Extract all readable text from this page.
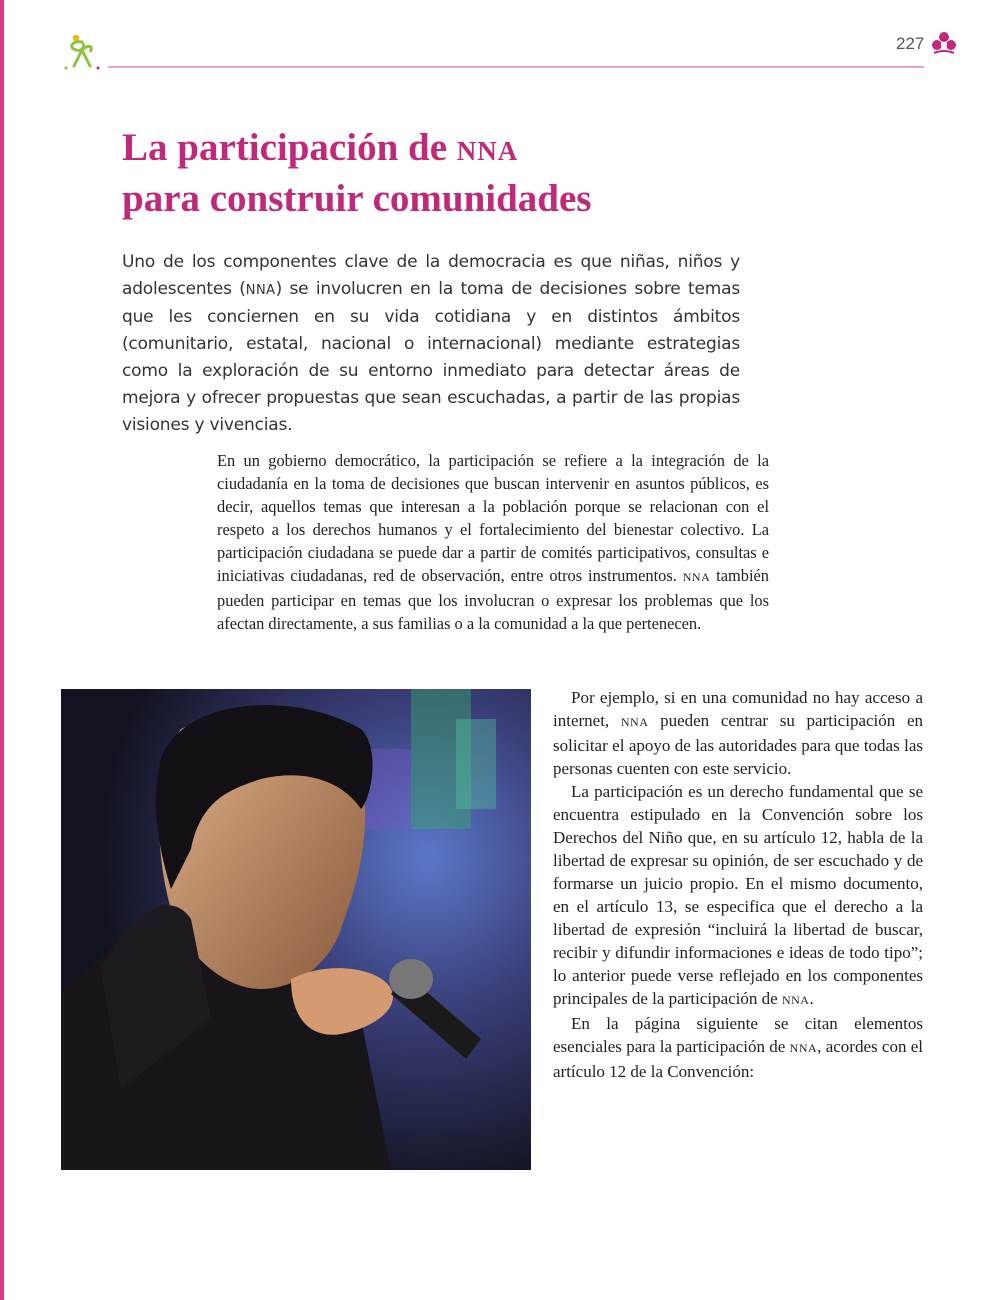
227
La participación de NNA
para construir comunidades

Uno de los componentes clave de la democracia es que niñas, niños y adolescentes (NNA) se involucren en la toma de decisiones sobre temas que les conciernen en su vida cotidiana y en distintos ámbitos (comunitario, estatal, nacional o internacional) mediante estrategias como la exploración de su entorno inmediato para detectar áreas de mejora y ofrecer propuestas que sean escuchadas, a partir de las propias visiones y vivencias.

En un gobierno democrático, la participación se refiere a la integración de la ciudadanía en la toma de decisiones que buscan intervenir en asuntos públicos, es decir, aquellos temas que interesan a la población porque se relacionan con el respeto a los derechos humanos y el fortalecimiento del bienestar colectivo. La participación ciudadana se puede dar a partir de comités participativos, consultas e iniciativas ciudadanas, red de observación, entre otros instrumentos. NNA también pueden participar en temas que los involucran o expresar los problemas que los afectan directamente, a sus familias o a la comunidad a la que pertenecen.

Por ejemplo, si en una comunidad no hay acceso a internet, NNA pueden centrar su participación en solicitar el apoyo de las autoridades para que todas las personas cuenten con este servicio.

La participación es un derecho fundamental que se encuentra estipulado en la Convención sobre los Derechos del Niño que, en su artículo 12, habla de la libertad de expresar su opinión, de ser escuchado y de formarse un juicio propio. En el mismo documento, en el artículo 13, se especifica que el derecho a la libertad de expresión “incluirá la libertad de buscar, recibir y difundir informaciones e ideas de todo tipo”; lo anterior puede verse reflejado en los componentes principales de la participación de NNA.

En la página siguiente se citan elementos esenciales para la participación de NNA, acordes con el artículo 12 de la Convención:
